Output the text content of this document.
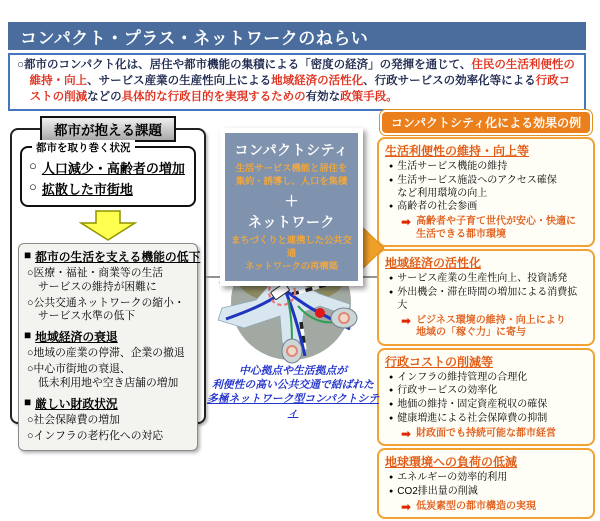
コンパクト・プラス・ネットワークのねらい

○都市のコンパクト化は、居住や都市機能の集積による「密度の経済」の発揮を通じて、住民の生活利便性の維持・向上、サービス産業の生産性向上による地域経済の活性化、行政サービスの効率化等による行政コストの削減などの具体的な行政目的を実現するための有効な政策手段。

都市が抱える課題
都市を取り巻く状況
○ 人口減少・高齢者の増加
○ 拡散した市街地
■ 都市の生活を支える機能の低下
○医療・福祉・商業等の生活
サービスの維持が困難に
○公共交通ネットワークの縮小・
サービス水準の低下
■ 地域経済の衰退
○地域の産業の停滞、企業の撤退
○中心市街地の衰退、
低未利用地や空き店舗の増加
■ 厳しい財政状況
○社会保障費の増加
○インフラの老朽化への対応
コンパクトシティ
生活サービス機能と居住を
集約・誘導し、人口を集積
＋
ネットワーク
まちづくりと連携した公共交通
ネットワークの再構築
中心拠点や生活拠点が
利便性の高い公共交通で結ばれた
多極ネットワーク型コンパクトシティ
コンパクトシティ化による効果の例
生活利便性の維持・向上等
● 生活サービス機能の維持
● 生活サービス施設へのアクセス確保
など利用環境の向上
● 高齢者の社会参画
➡ 高齢者や子育て世代が安心・快適に
生活できる都市環境
地域経済の活性化
● サービス産業の生産性向上、投資誘発
● 外出機会・滞在時間の増加による消費拡大
➡ ビジネス環境の維持・向上により
地域の「稼ぐ力」に寄与
行政コストの削減等
● インフラの維持管理の合理化
● 行政サービスの効率化
● 地価の維持・固定資産税収の確保
● 健康増進による社会保障費の抑制
➡ 財政面でも持続可能な都市経営
地球環境への負荷の低減
● エネルギーの効率的利用
● CO2排出量の削減
➡ 低炭素型の都市構造の実現
